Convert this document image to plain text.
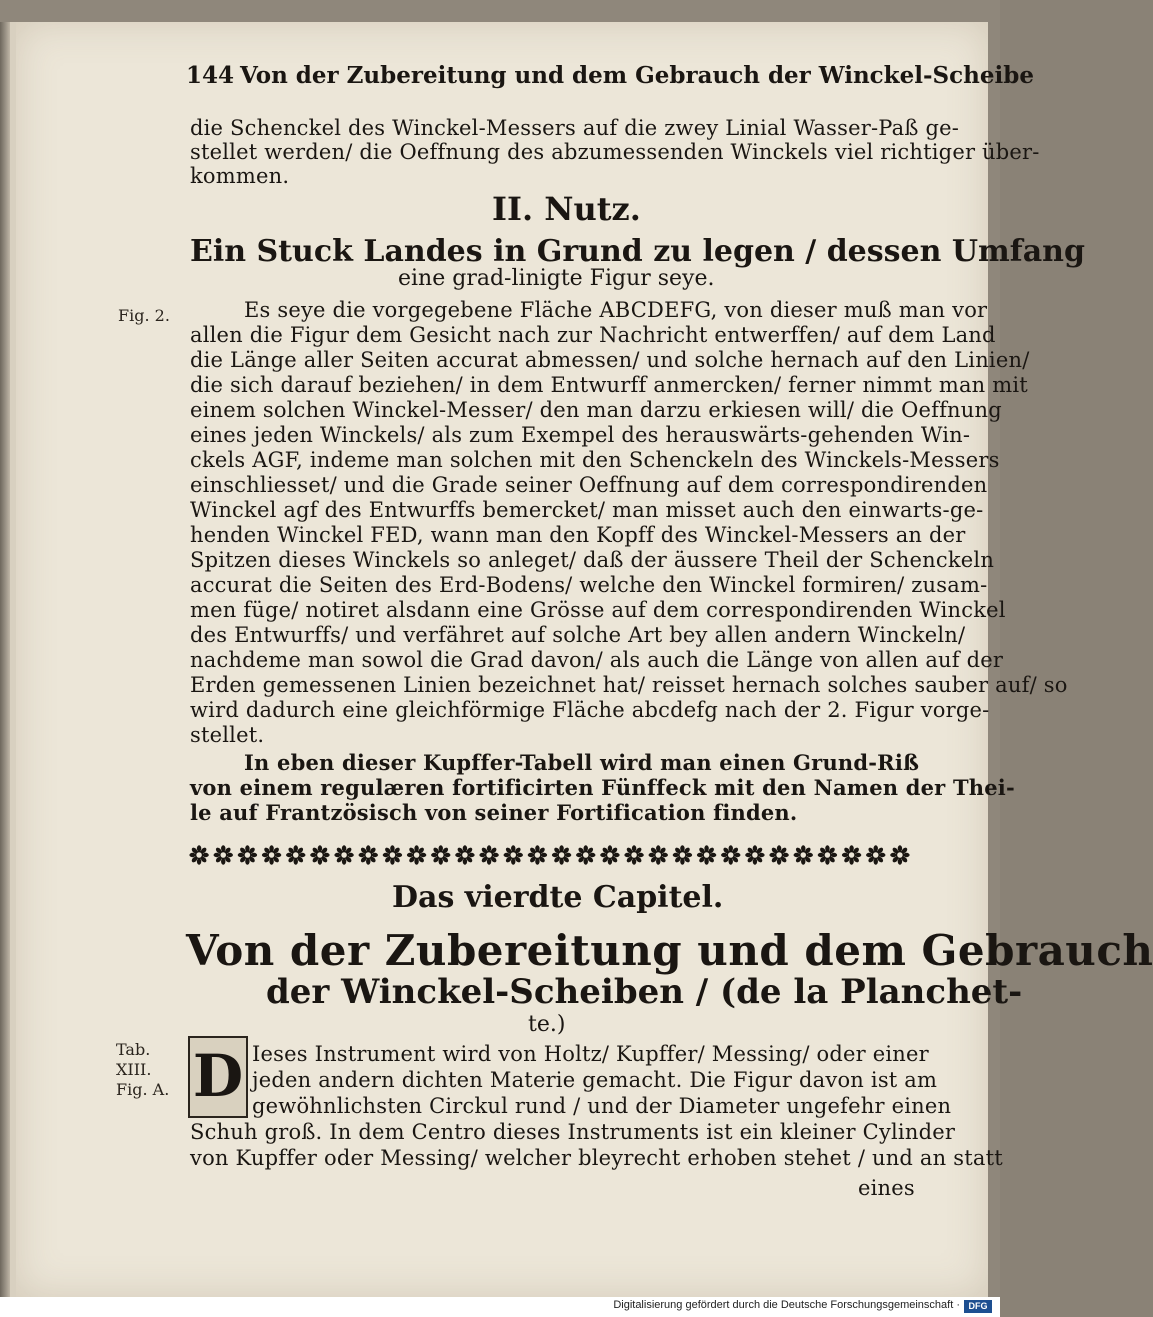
144 Von der Zubereitung und dem Gebrauch der Winckel-Scheibe
die Schenckel des Winckel-Messers auf die zwey Linial Wasser-Paß ge-
stellet werden/ die Oeffnung des abzumessenden Winckels viel richtiger über-
kommen.
II. Nutz.
Ein Stuck Landes in Grund zu legen / dessen Umfang
eine grad-linigte Figur seye.
Fig. 2.	Es seye die vorgegebene Fläche ABCDEFG, von dieser muß man vor
allen die Figur dem Gesicht nach zur Nachricht entwerffen/ auf dem Land
die Länge aller Seiten accurat abmessen/ und solche hernach auf den Linien/
die sich darauf beziehen/ in dem Entwurff anmercken/ ferner nimmt man mit
einem solchen Winckel-Messer/ den man darzu erkiesen will/ die Oeffnung
eines jeden Winckels/ als zum Exempel des herauswärts-gehenden Win-
ckels AGF, indeme man solchen mit den Schenckeln des Winckels-Messers
einschliesset/ und die Grade seiner Oeffnung auf dem correspondirenden
Winckel agf des Entwurffs bemercket/ man misset auch den einwarts-ge-
henden Winckel FED, wann man den Kopff des Winckel-Messers an der
Spitzen dieses Winckels so anleget/ daß der äussere Theil der Schenckeln
accurat die Seiten des Erd-Bodens/ welche den Winckel formiren/ zusam-
men füge/ notiret alsdann eine Grösse auf dem correspondirenden Winckel
des Entwurffs/ und verfähret auf solche Art bey allen andern Winckeln/
nachdeme man sowol die Grad davon/ als auch die Länge von allen auf der
Erden gemessenen Linien bezeichnet hat/ reisset hernach solches sauber auf/ so
wird dadurch eine gleichförmige Fläche abcdefg nach der 2. Figur vorge-
stellet.
In eben dieser Kupffer-Tabell wird man einen Grund-Riß
von einem regulæren fortificirten Fünffeck mit den Namen der Thei-
le auf Frantzösisch von seiner Fortification finden.
Das vierdte Capitel.
Von der Zubereitung und dem Gebrauch
der Winckel-Scheiben / (de la Planchet-
te.)
Tab.
XIII.
Fig. A. D Ieses Instrument wird von Holtz/ Kupffer/ Messing/ oder einer
jeden andern dichten Materie gemacht. Die Figur davon ist am
gewöhnlichsten Circkul rund / und der Diameter ungefehr einen
Schuh groß. In dem Centro dieses Instruments ist ein kleiner Cylinder
von Kupffer oder Messing/ welcher bleyrecht erhoben stehet / und an statt
eines
Digitalisierung gefördert durch die Deutsche Forschungsgemeinschaft · DFG
